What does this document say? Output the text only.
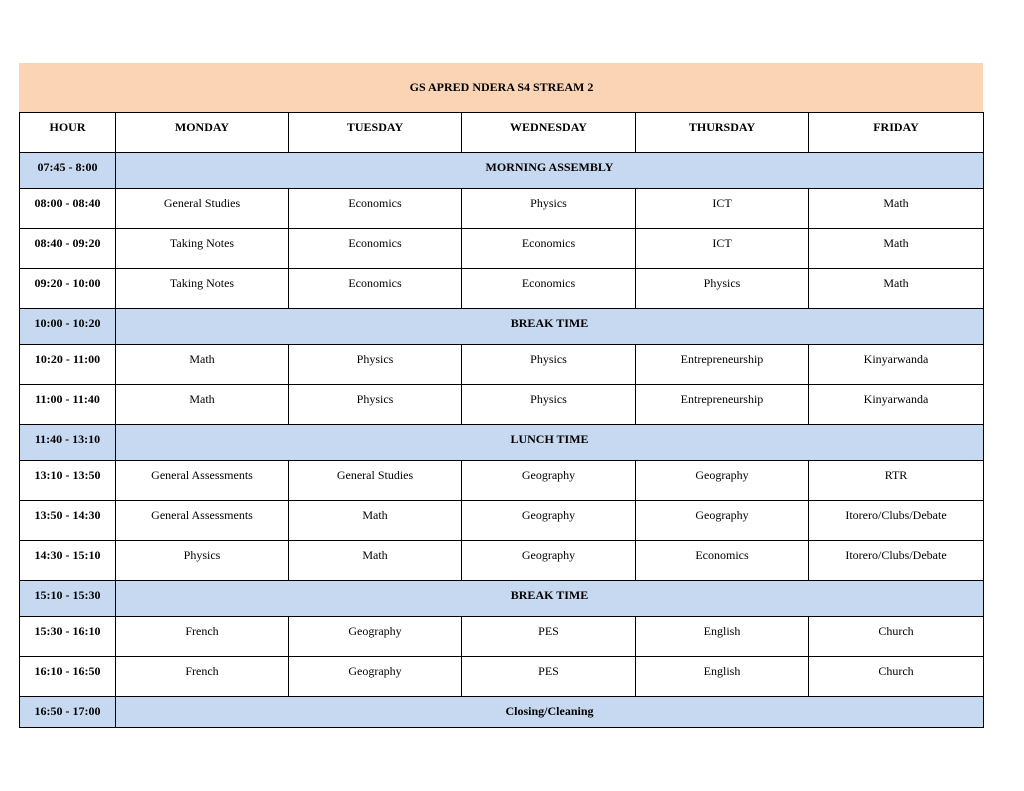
GS APRED NDERA S4 STREAM 2
HOUR	MONDAY	TUESDAY	WEDNESDAY	THURSDAY	FRIDAY
07:45 - 8:00	MORNING ASSEMBLY				
08:00 - 08:40	General Studies	Economics	Physics	ICT	Math
08:40 - 09:20	Taking Notes	Economics	Economics	ICT	Math
09:20 - 10:00	Taking Notes	Economics	Economics	Physics	Math
10:00 - 10:20	BREAK TIME				
10:20 - 11:00	Math	Physics	Physics	Entrepreneurship	Kinyarwanda
11:00 - 11:40	Math	Physics	Physics	Entrepreneurship	Kinyarwanda
11:40 - 13:10	LUNCH TIME				
13:10 - 13:50	General Assessments	General Studies	Geography	Geography	RTR
13:50 - 14:30	General Assessments	Math	Geography	Geography	Itorero/Clubs/Debate
14:30 - 15:10	Physics	Math	Geography	Economics	Itorero/Clubs/Debate
15:10 - 15:30	BREAK TIME				
15:30 - 16:10	French	Geography	PES	English	Church
16:10 - 16:50	French	Geography	PES	English	Church
16:50 - 17:00	Closing/Cleaning				
